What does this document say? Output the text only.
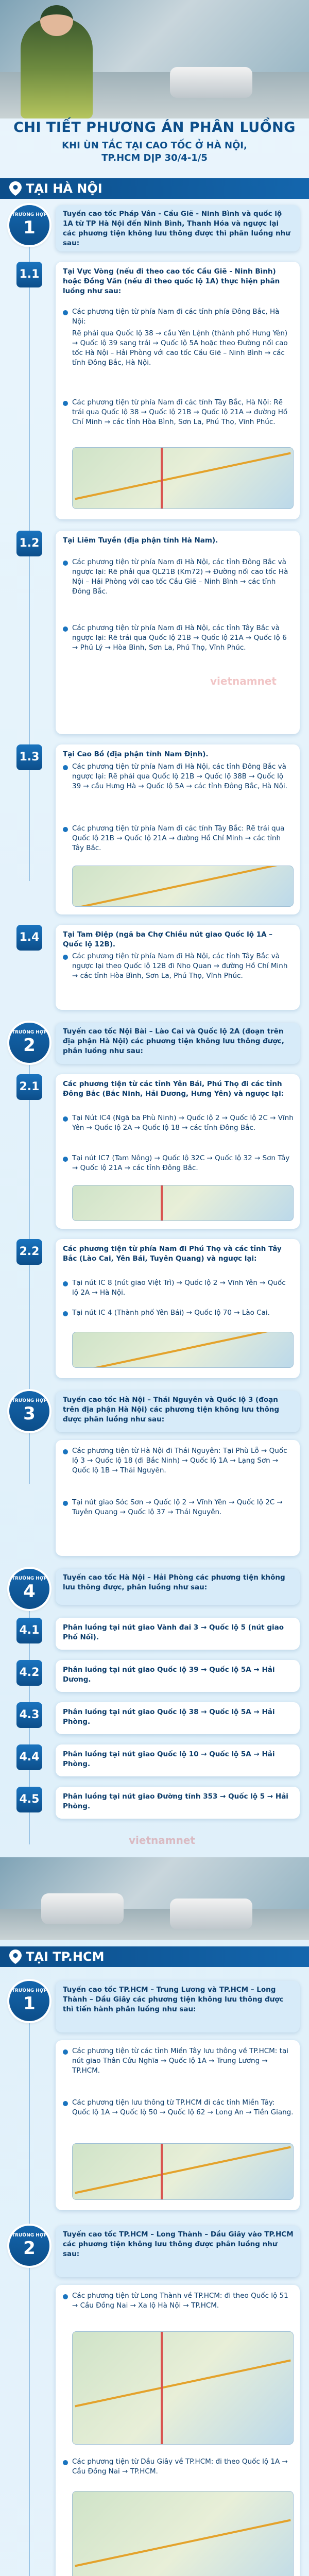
CHI TIẾT PHƯƠNG ÁN PHÂN LUỒNG
KHI ÙN TẮC TẠI CAO TỐC Ở HÀ NỘI,
TP.HCM DỊP 30/4-1/5
TẠI HÀ NỘI
TRƯỜNG HỢP
1
Tuyến cao tốc Pháp Vân - Cầu Giẽ - Ninh Bình và quốc lộ 1A từ TP Hà Nội đến Ninh Bình, Thanh Hóa và ngược lại các phương tiện không lưu thông được thì phân luồng như sau:
1.1	Tại Vực Vòng (nếu đi theo cao tốc Cầu Giẽ - Ninh Bình) hoặc Đồng Văn (nếu đi theo quốc lộ 1A) thực hiện phân luồng như sau:
Các phương tiện từ phía Nam đi các tỉnh phía Đông Bắc, Hà Nội:
Rẽ phải qua Quốc lộ 38 → cầu Yên Lệnh (thành phố Hưng Yên) → Quốc lộ 39 sang trái → Quốc lộ 5A hoặc theo Đường nối cao tốc Hà Nội – Hải Phòng với cao tốc Cầu Giẽ – Ninh Bình → các tỉnh Đông Bắc, Hà Nội.
Các phương tiện từ phía Nam đi các tỉnh Tây Bắc, Hà Nội: Rẽ trái qua Quốc lộ 38 → Quốc lộ 21B → Quốc lộ 21A → đường Hồ Chí Minh → các tỉnh Hòa Bình, Sơn La, Phú Thọ, Vĩnh Phúc.
1.2	Tại Liêm Tuyền (địa phận tỉnh Hà Nam).
Các phương tiện từ phía Nam đi Hà Nội, các tỉnh Đông Bắc và ngược lại: Rẽ phải qua QL21B (Km72) → Đường nối cao tốc Hà Nội – Hải Phòng với cao tốc Cầu Giẽ – Ninh Bình → các tỉnh Đông Bắc.
Các phương tiện từ phía Nam đi Hà Nội, các tỉnh Tây Bắc và ngược lại: Rẽ trái qua Quốc lộ 21B → Quốc lộ 21A → Quốc lộ 6 → Phủ Lý → Hòa Bình, Sơn La, Phú Thọ, Vĩnh Phúc.
vietnamnet
1.3	Tại Cao Bồ (địa phận tỉnh Nam Định).
Các phương tiện từ phía Nam đi Hà Nội, các tỉnh Đông Bắc và ngược lại: Rẽ phải qua Quốc lộ 21B → Quốc lộ 38B → Quốc lộ 39 → cầu Hưng Hà → Quốc lộ 5A → các tỉnh Đông Bắc, Hà Nội.
Các phương tiện từ phía Nam đi các tỉnh Tây Bắc: Rẽ trái qua Quốc lộ 21B → Quốc lộ 21A → đường Hồ Chí Minh → các tỉnh Tây Bắc.
1.4	Tại Tam Điệp (ngã ba Chợ Chiều nút giao Quốc lộ 1A – Quốc lộ 12B).
Các phương tiện từ phía Nam đi Hà Nội, các tỉnh Tây Bắc và ngược lại theo Quốc lộ 12B đi Nho Quan → đường Hồ Chí Minh → các tỉnh Hòa Bình, Sơn La, Phú Thọ, Vĩnh Phúc.
TRƯỜNG HỢP
2
Tuyến cao tốc Nội Bài – Lào Cai và Quốc lộ 2A (đoạn trên địa phận Hà Nội) các phương tiện không lưu thông được, phân luồng như sau:
2.1	Các phương tiện từ các tỉnh Yên Bái, Phú Thọ đi các tỉnh Đông Bắc (Bắc Ninh, Hải Dương, Hưng Yên) và ngược lại:
Tại Nút IC4 (Ngã ba Phù Ninh) → Quốc lộ 2 → Quốc lộ 2C → Vĩnh Yên → Quốc lộ 2A → Quốc lộ 18 → các tỉnh Đông Bắc.
Tại nút IC7 (Tam Nông) → Quốc lộ 32C → Quốc lộ 32 → Sơn Tây → Quốc lộ 21A → các tỉnh Đông Bắc.
2.2	Các phương tiện từ phía Nam đi Phú Thọ và các tỉnh Tây Bắc (Lào Cai, Yên Bái, Tuyên Quang) và ngược lại:
Tại nút IC 8 (nút giao Việt Trì) → Quốc lộ 2 → Vĩnh Yên → Quốc lộ 2A → Hà Nội.
Tại nút IC 4 (Thành phố Yên Bái) → Quốc lộ 70 → Lào Cai.
TRƯỜNG HỢP
3
Tuyến cao tốc Hà Nội – Thái Nguyên và Quốc lộ 3 (đoạn trên địa phận Hà Nội) các phương tiện không lưu thông được phân luồng như sau:
Các phương tiện từ Hà Nội đi Thái Nguyên: Tại Phù Lỗ → Quốc lộ 3 → Quốc lộ 18 (đi Bắc Ninh) → Quốc lộ 1A → Lạng Sơn → Quốc lộ 1B → Thái Nguyên.
Tại nút giao Sóc Sơn → Quốc lộ 2 → Vĩnh Yên → Quốc lộ 2C → Tuyên Quang → Quốc lộ 37 → Thái Nguyên.
TRƯỜNG HỢP
4
Tuyến cao tốc Hà Nội – Hải Phòng các phương tiện không lưu thông được, phân luồng như sau:
4.1	Phân luồng tại nút giao Vành đai 3 → Quốc lộ 5 (nút giao Phố Nối).
4.2	Phân luồng tại nút giao Quốc lộ 39 → Quốc lộ 5A → Hải Dương.
4.3	Phân luồng tại nút giao Quốc lộ 38 → Quốc lộ 5A → Hải Phòng.
4.4	Phân luồng tại nút giao Quốc lộ 10 → Quốc lộ 5A → Hải Phòng.
4.5	Phân luồng tại nút giao Đường tỉnh 353 → Quốc lộ 5 → Hải Phòng.
vietnamnet
TẠI TP.HCM
TRƯỜNG HỢP
1
Tuyến cao tốc TP.HCM – Trung Lương và TP.HCM – Long Thành – Dầu Giây các phương tiện không lưu thông được thì tiến hành phân luồng như sau:
Các phương tiện từ các tỉnh Miền Tây lưu thông về TP.HCM: tại nút giao Thân Cửu Nghĩa → Quốc lộ 1A → Trung Lương → TP.HCM.
Các phương tiện lưu thông từ TP.HCM đi các tỉnh Miền Tây: Quốc lộ 1A → Quốc lộ 50 → Quốc lộ 62 → Long An → Tiền Giang.
TRƯỜNG HỢP
2
Tuyến cao tốc TP.HCM – Long Thành – Dầu Giây vào TP.HCM các phương tiện không lưu thông được phân luồng như sau:
Các phương tiện từ Long Thành về TP.HCM: đi theo Quốc lộ 51 → Cầu Đồng Nai → Xa lộ Hà Nội → TP.HCM.
Các phương tiện từ Dầu Giây về TP.HCM: đi theo Quốc lộ 1A → Cầu Đồng Nai → TP.HCM.
